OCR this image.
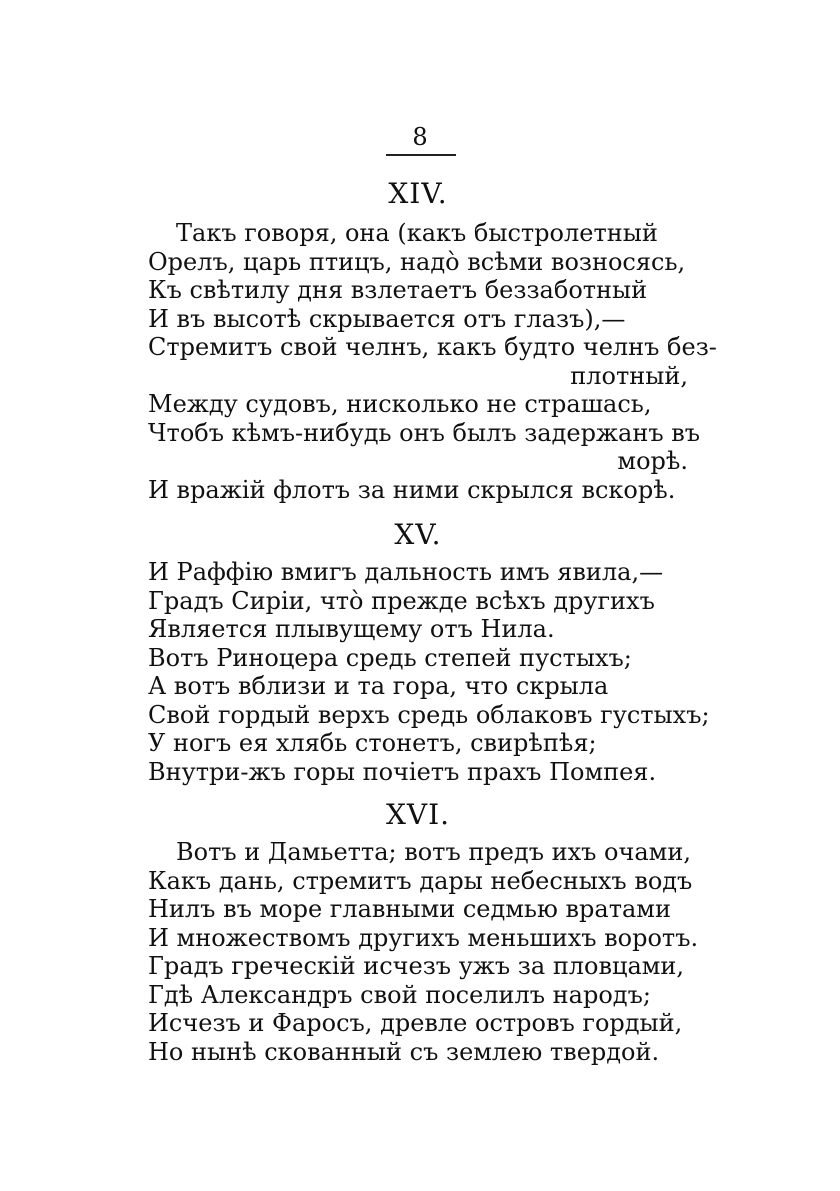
8
XIV.
Такъ говоря, она (какъ быстролетный
Орелъ, царь птицъ, надо̀ всѣми возносясь,
Къ свѣтилу дня взлетаетъ беззаботный
И въ высотѣ скрывается отъ глазъ),—
Стремитъ свой челнъ, какъ будто челнъ без-
плотный,
Между судовъ, нисколько не страшась,
Чтобъ кѣмъ-нибудь онъ былъ задержанъ въ
морѣ.
И вражій флотъ за ними скрылся вскорѣ.
XV.
И Раффію вмигъ дальность имъ явила,—
Градъ Сиріи, что̀ прежде всѣхъ другихъ
Является плывущему отъ Нила.
Вотъ Риноцера средь степей пустыхъ;
А вотъ вблизи и та гора, что скрыла
Свой гордый верхъ средь облаковъ густыхъ;
У ногъ ея хлябь стонетъ, свирѣпѣя;
Внутри-жъ горы почіетъ прахъ Помпея.
XVI.
Вотъ и Дамьетта; вотъ предъ ихъ очами,
Какъ дань, стремитъ дары небесныхъ водъ
Нилъ въ море главными седмью вратами
И множествомъ другихъ меньшихъ воротъ.
Градъ греческій исчезъ ужъ за пловцами,
Гдѣ Александръ свой поселилъ народъ;
Исчезъ и Фаросъ, древле островъ гордый,
Но нынѣ скованный съ землею твердой.
